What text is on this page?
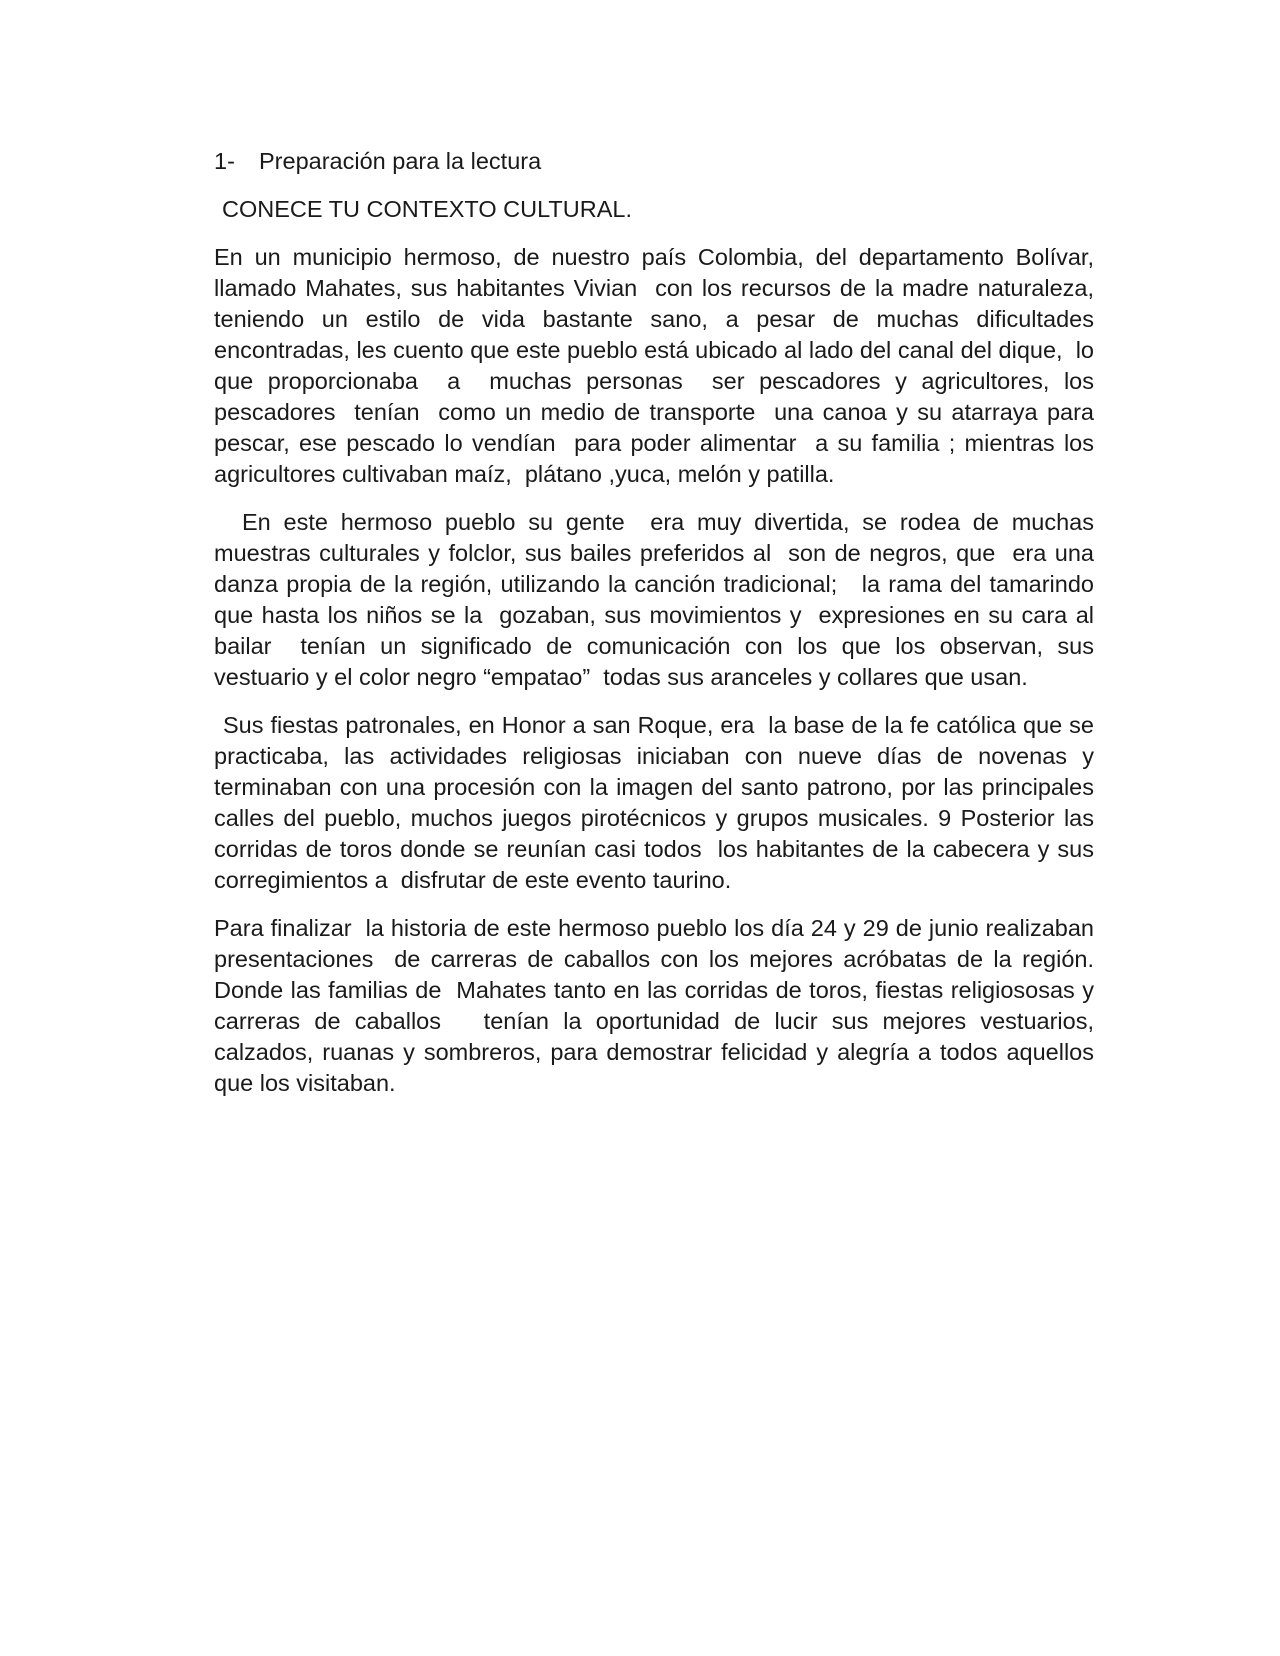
1-	Preparación para la lectura
CONECE TU CONTEXTO CULTURAL.

En un municipio hermoso, de nuestro país Colombia, del departamento Bolívar, llamado Mahates, sus habitantes Vivian  con los recursos de la madre naturaleza, teniendo un estilo de vida bastante sano, a pesar de muchas dificultades encontradas, les cuento que este pueblo está ubicado al lado del canal del dique,  lo que proporcionaba  a  muchas personas  ser pescadores y agricultores, los pescadores  tenían  como un medio de transporte  una canoa y su atarraya para pescar, ese pescado lo vendían  para poder alimentar  a su familia ; mientras los agricultores cultivaban maíz,  plátano ,yuca, melón y patilla.

En este hermoso pueblo su gente  era muy divertida, se rodea de muchas muestras culturales y folclor, sus bailes preferidos al  son de negros, que  era una danza propia de la región, utilizando la canción tradicional;   la rama del tamarindo que hasta los niños se la  gozaban, sus movimientos y  expresiones en su cara al bailar  tenían un significado de comunicación con los que los observan, sus vestuario y el color negro “empatao”  todas sus aranceles y collares que usan.

Sus fiestas patronales, en Honor a san Roque, era  la base de la fe católica que se practicaba, las actividades religiosas iniciaban con nueve días de novenas y terminaban con una procesión con la imagen del santo patrono, por las principales calles del pueblo, muchos juegos pirotécnicos y grupos musicales. 9 Posterior las corridas de toros donde se reunían casi todos  los habitantes de la cabecera y sus  corregimientos a  disfrutar de este evento taurino.

Para finalizar  la historia de este hermoso pueblo los día 24 y 29 de junio realizaban presentaciones  de carreras de caballos con los mejores acróbatas de la región.  Donde las familias de  Mahates tanto en las corridas de toros, fiestas religiososas y carreras de caballos   tenían la oportunidad de lucir sus mejores vestuarios, calzados, ruanas y sombreros, para demostrar felicidad y alegría a todos aquellos que los visitaban.
